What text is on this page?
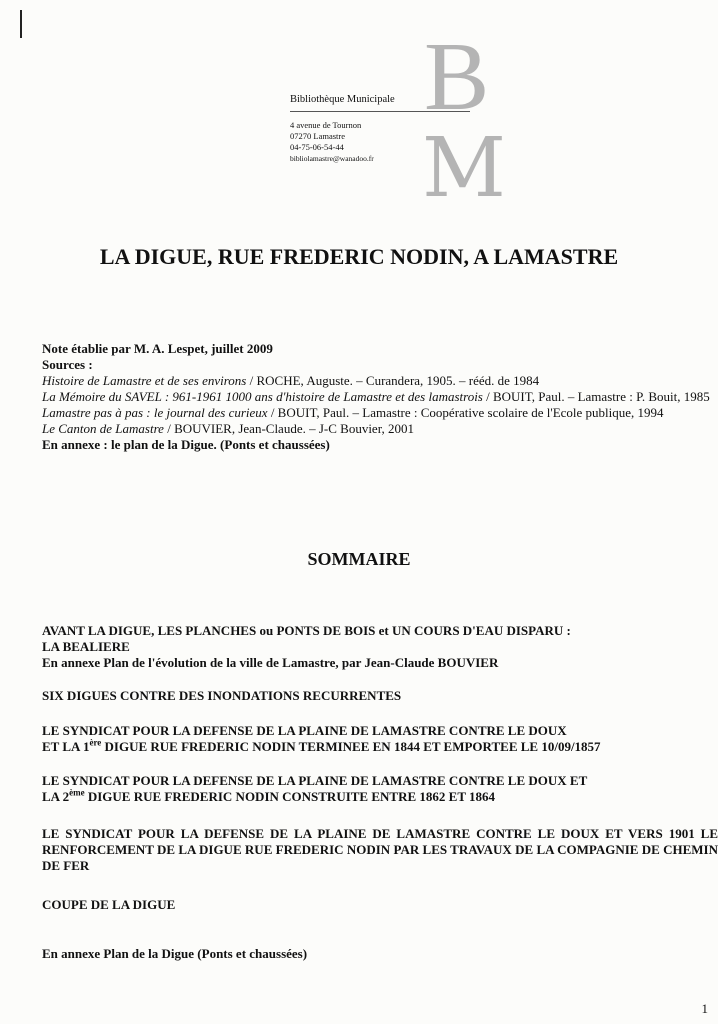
B
M

Bibliothèque Municipale

4 avenue de Tournon

07270 Lamastre

04-75-06-54-44

bibliolamastre@wanadoo.fr

LA DIGUE, RUE FREDERIC NODIN, A LAMASTRE

Note établie par M. A. Lespet, juillet 2009

Sources :

Histoire de Lamastre et de ses environs / ROCHE, Auguste. – Curandera, 1905. – rééd. de 1984

La Mémoire du SAVEL : 961-1961 1000 ans d'histoire de Lamastre et des lamastrois / BOUIT, Paul. – Lamastre : P. Bouit, 1985

Lamastre pas à pas : le journal des curieux / BOUIT, Paul. – Lamastre : Coopérative scolaire de l'Ecole publique, 1994

Le Canton de Lamastre / BOUVIER, Jean-Claude. – J-C Bouvier, 2001

En annexe : le plan de la Digue. (Ponts et chaussées)

SOMMAIRE

AVANT LA DIGUE, LES PLANCHES ou PONTS DE BOIS et UN COURS D'EAU DISPARU :

LA BEALIERE

En annexe Plan de l'évolution de la ville de Lamastre, par Jean-Claude BOUVIER

SIX DIGUES CONTRE DES INONDATIONS RECURRENTES

LE SYNDICAT POUR LA DEFENSE DE LA PLAINE DE LAMASTRE CONTRE LE DOUX

ET LA 1ère DIGUE RUE FREDERIC NODIN TERMINEE EN 1844 ET EMPORTEE LE 10/09/1857

LE SYNDICAT POUR LA DEFENSE DE LA PLAINE DE LAMASTRE CONTRE LE DOUX ET

LA 2ème DIGUE RUE FREDERIC NODIN CONSTRUITE ENTRE 1862 ET 1864

LE SYNDICAT POUR LA DEFENSE DE LA PLAINE DE LAMASTRE CONTRE LE DOUX ET VERS 1901 LE RENFORCEMENT DE LA DIGUE RUE FREDERIC NODIN PAR LES TRAVAUX DE LA COMPAGNIE DE CHEMIN DE FER

COUPE DE LA DIGUE

En annexe Plan de la Digue (Ponts et chaussées)

1
